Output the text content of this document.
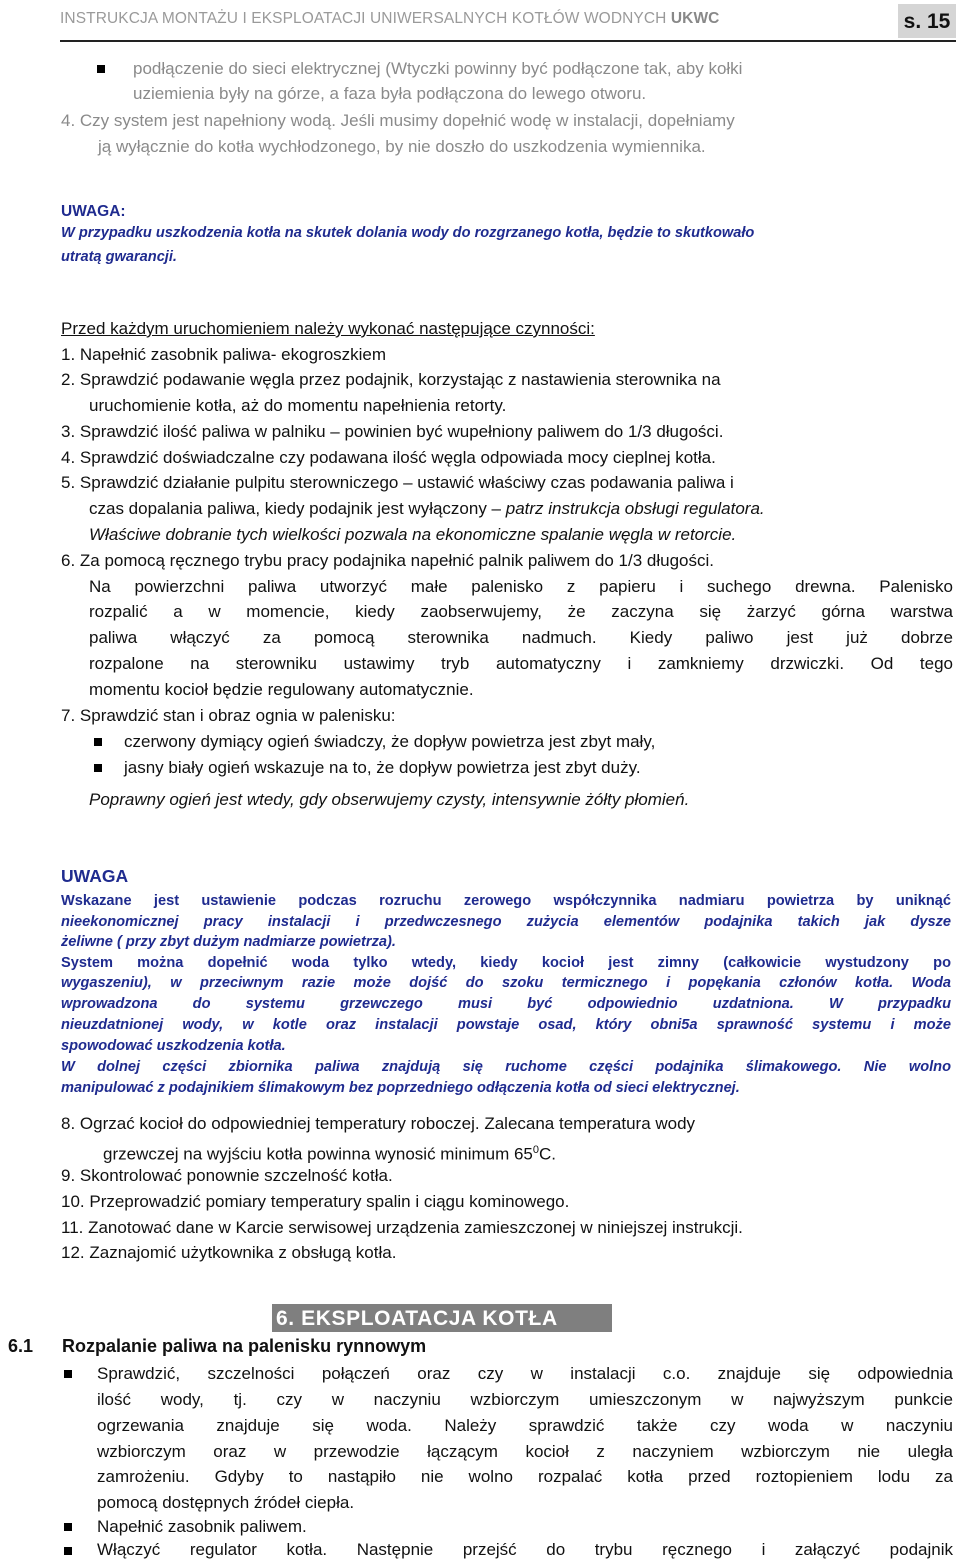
INSTRUKCJA MONTAŻU I EKSPLOATACJI UNIWERSALNYCH KOTŁÓW WODNYCH UKWC	s. 15
podłączenie do sieci elektrycznej (Wtyczki powinny być podłączone tak, aby kołki
uziemienia były na górze, a faza była podłączona do lewego otworu.
4. Czy system jest napełniony wodą. Jeśli musimy dopełnić wodę w instalacji, dopełniamy
ją wyłącznie do kotła wychłodzonego, by nie doszło do uszkodzenia wymiennika.
UWAGA:
W przypadku uszkodzenia kotła na skutek dolania wody do rozgrzanego kotła, będzie to skutkowało
utratą gwarancji.
Przed każdym uruchomieniem należy wykonać następujące czynności:
1. Napełnić zasobnik paliwa- ekogroszkiem
2. Sprawdzić podawanie węgla przez podajnik, korzystając z nastawienia sterownika na
uruchomienie kotła, aż do momentu napełnienia retorty.
3. Sprawdzić ilość paliwa w palniku – powinien być wupełniony paliwem do 1/3 długości.
4. Sprawdzić doświadczalne czy podawana ilość węgla odpowiada mocy cieplnej kotła.
5. Sprawdzić działanie pulpitu sterowniczego – ustawić właściwy czas podawania paliwa i
czas dopalania paliwa, kiedy podajnik jest wyłączony – patrz instrukcja obsługi regulatora.
Właściwe dobranie tych wielkości pozwala na ekonomiczne spalanie węgla w retorcie.
6. Za pomocą ręcznego trybu pracy podajnika napełnić palnik paliwem do 1/3 długości.
Na powierzchni paliwa utworzyć małe palenisko z papieru i suchego drewna. Palenisko
rozpalić a w momencie, kiedy zaobserwujemy, że zaczyna się żarzyć górna warstwa
paliwa włączyć za pomocą sterownika nadmuch. Kiedy paliwo jest już dobrze
rozpalone na sterowniku ustawimy tryb automatyczny i zamkniemy drzwiczki. Od tego
momentu kocioł będzie regulowany automatycznie.
7. Sprawdzić stan i obraz ognia w palenisku:
czerwony dymiący ogień świadczy, że dopływ powietrza jest zbyt mały,
jasny biały ogień wskazuje na to, że dopływ powietrza jest zbyt duży.
Poprawny ogień jest wtedy, gdy obserwujemy czysty, intensywnie żółty płomień.
UWAGA
Wskazane jest ustawienie podczas rozruchu zerowego współczynnika nadmiaru powietrza by uniknąć
nieekonomicznej pracy instalacji i przedwczesnego zużycia elementów podajnika takich jak dysze
żeliwne ( przy zbyt dużym nadmiarze powietrza).
System można dopełnić woda tylko wtedy, kiedy kocioł jest zimny (całkowicie wystudzony po
wygaszeniu), w przeciwnym razie może dojść do szoku termicznego i popękania członów kotła. Woda
wprowadzona do systemu grzewczego musi być odpowiednio uzdatniona. W przypadku
nieuzdatnionej wody, w kotle oraz instalacji powstaje osad, który obni5a sprawność systemu i może
spowodować uszkodzenia kotła.
W dolnej części zbiornika paliwa znajdują się ruchome części podajnika ślimakowego. Nie wolno
manipulować z podajnikiem ślimakowym bez poprzedniego odłączenia kotła od sieci elektrycznej.
8. Ogrzać kocioł do odpowiedniej temperatury roboczej. Zalecana temperatura wody
grzewczej na wyjściu kotła powinna wynosić minimum $65^0C$.
9. Skontrolować ponownie szczelność kotła.
10. Przeprowadzić pomiary temperatury spalin i ciągu kominowego.
11. Zanotować dane w Karcie serwisowej urządzenia zamieszczonej w niniejszej instrukcji.
12. Zaznajomić użytkownika z obsługą kotła.
6. EKSPLOATACJA KOTŁA
6.1 Rozpalanie paliwa na palenisku rynnowym
Sprawdzić, szczelności połączeń oraz czy w instalacji c.o. znajduje się odpowiednia
ilość wody, tj. czy w naczyniu wzbiorczym umieszczonym w najwyższym punkcie
ogrzewania znajduje się woda. Należy sprawdzić także czy woda w naczyniu
wzbiorczym oraz w przewodzie łączącym kocioł z naczyniem wzbiorczym nie uległa
zamrożeniu. Gdyby to nastąpiło nie wolno rozpalać kotła przed roztopieniem lodu za
pomocą dostępnych źródeł ciepła.
Napełnić zasobnik paliwem.
Włączyć regulator kotła. Następnie przejść do trybu ręcznego i załączyć podajnik
